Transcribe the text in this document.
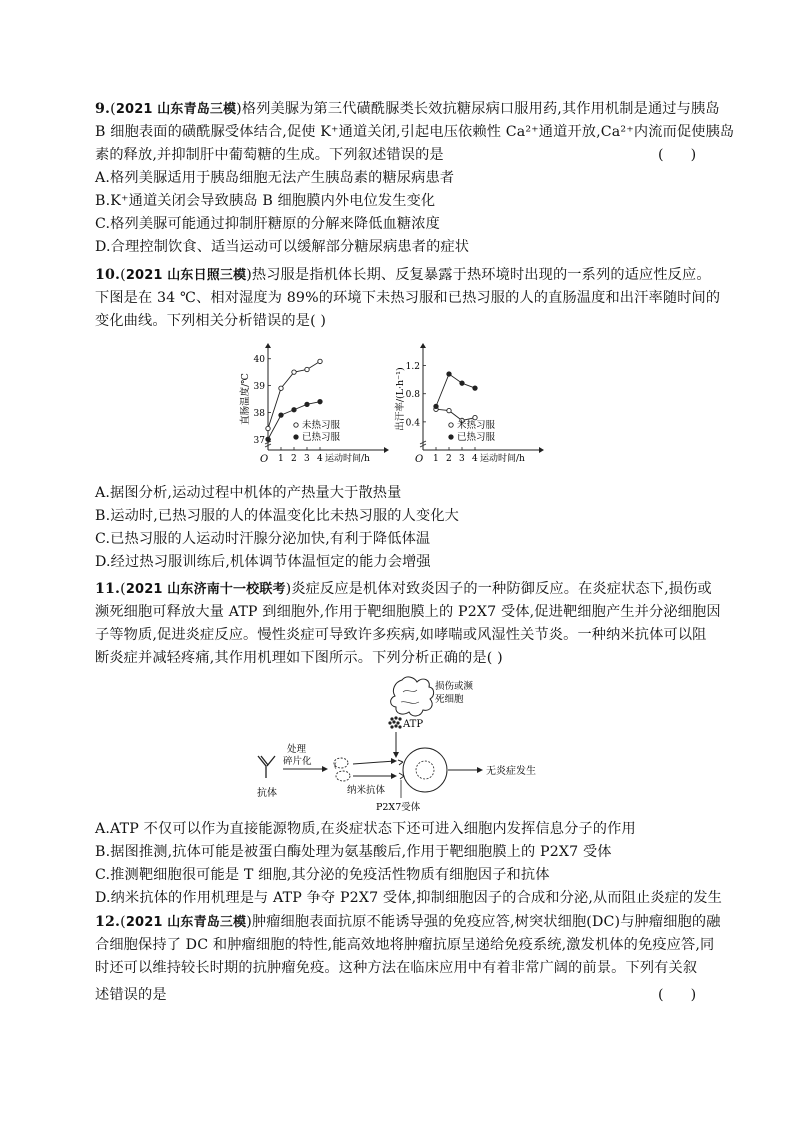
9.(2021 山东青岛三模)格列美脲为第三代磺酰脲类长效抗糖尿病口服用药,其作用机制是通过与胰岛
B 细胞表面的磺酰脲受体结合,促使 K⁺通道关闭,引起电压依赖性 Ca²⁺通道开放,Ca²⁺内流而促使胰岛
素的释放,并抑制肝中葡萄糖的生成。下列叙述错误的是	(      )
A.格列美脲适用于胰岛细胞无法产生胰岛素的糖尿病患者
B.K⁺通道关闭会导致胰岛 B 细胞膜内外电位发生变化
C.格列美脲可能通过抑制肝糖原的分解来降低血糖浓度
D.合理控制饮食、适当运动可以缓解部分糖尿病患者的症状
10.(2021 山东日照三模)热习服是指机体长期、反复暴露于热环境时出现的一系列的适应性反应。
下图是在 34 ℃、相对湿度为 89%的环境下未热习服和已热习服的人的直肠温度和出汗率随时间的
变化曲线。下列相关分析错误的是( )
O 1 2 3 4 运动时间/h
37
38
39
40
直肠温度/℃
未热习服
已热习服
O 1 2 3 4 运动时间/h
0.4
0.8
1.2
出汗率/(L·h⁻¹)	未热习服
已热习服
A.据图分析,运动过程中机体的产热量大于散热量
B.运动时,已热习服的人的体温变化比未热习服的人变化大
C.已热习服的人运动时汗腺分泌加快,有利于降低体温
D.经过热习服训练后,机体调节体温恒定的能力会增强
11.(2021 山东济南十一校联考)炎症反应是机体对致炎因子的一种防御反应。在炎症状态下,损伤或
濒死细胞可释放大量 ATP 到细胞外,作用于靶细胞膜上的 P2X7 受体,促进靶细胞产生并分泌细胞因
子等物质,促进炎症反应。慢性炎症可导致许多疾病,如哮喘或风湿性关节炎。一种纳米抗体可以阻
断炎症并减轻疼痛,其作用机理如下图所示。下列分析正确的是( )
损伤或濒
死细胞
ATP
无炎症发生
抗体
处理
碎片化	(
纳米抗体
P2X7受体
A.ATP 不仅可以作为直接能源物质,在炎症状态下还可进入细胞内发挥信息分子的作用
B.据图推测,抗体可能是被蛋白酶处理为氨基酸后,作用于靶细胞膜上的 P2X7 受体
C.推测靶细胞很可能是 T 细胞,其分泌的免疫活性物质有细胞因子和抗体
D.纳米抗体的作用机理是与 ATP 争夺 P2X7 受体,抑制细胞因子的合成和分泌,从而阻止炎症的发生
12.(2021 山东青岛三模)肿瘤细胞表面抗原不能诱导强的免疫应答,树突状细胞(DC)与肿瘤细胞的融
合细胞保持了 DC 和肿瘤细胞的特性,能高效地将肿瘤抗原呈递给免疫系统,激发机体的免疫应答,同
时还可以维持较长时期的抗肿瘤免疫。这种方法在临床应用中有着非常广阔的前景。下列有关叙
述错误的是	(      )
